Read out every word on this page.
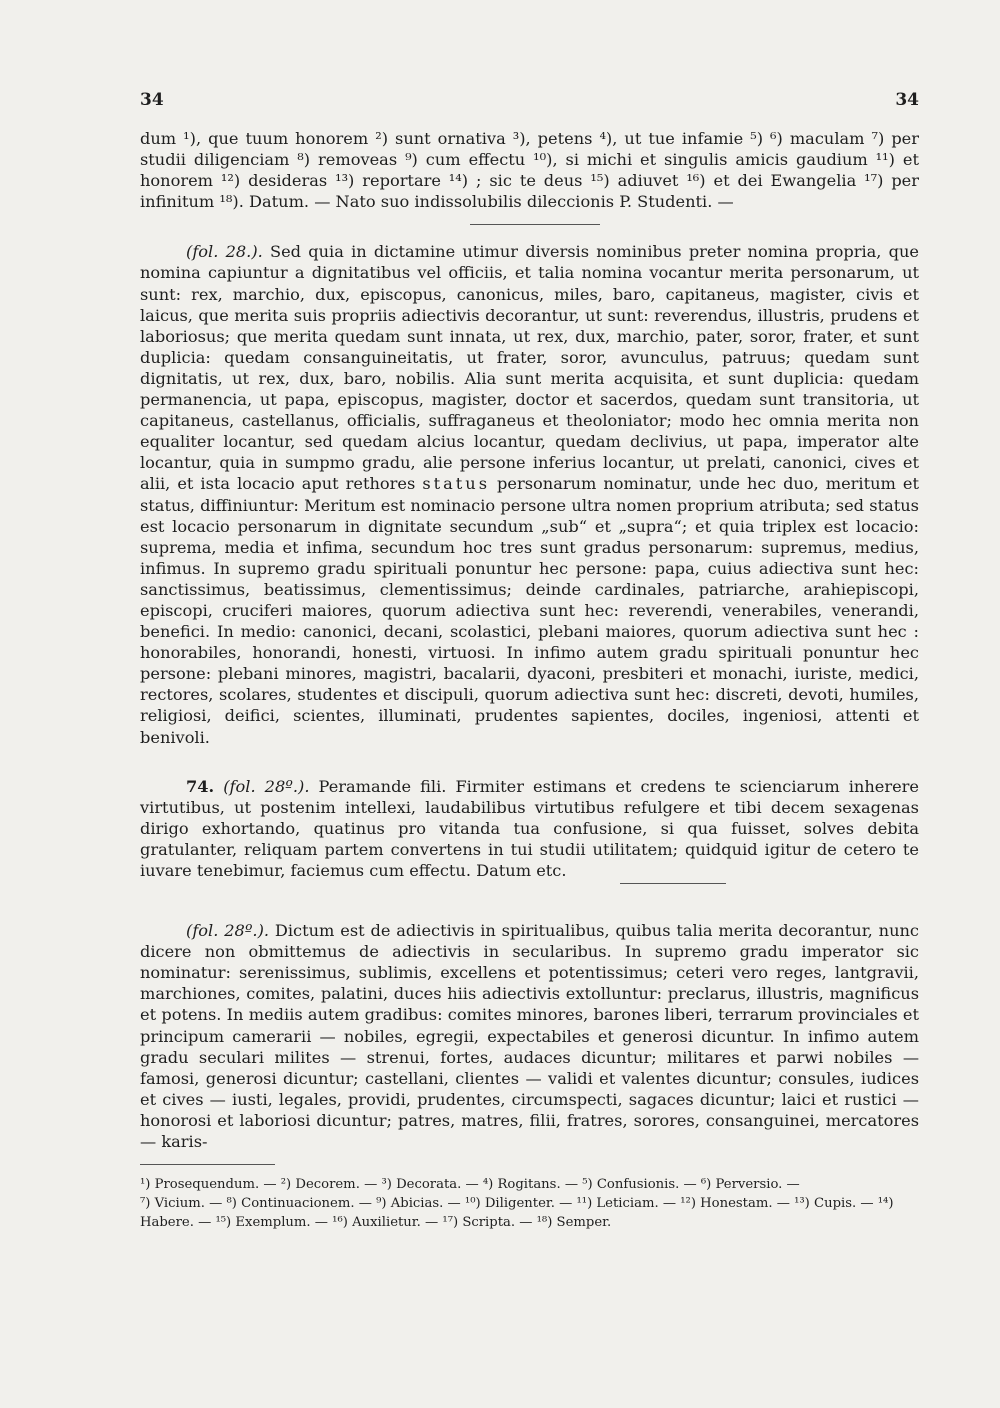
34	34

dum ¹), que tuum honorem ²) sunt ornativa ³), petens ⁴), ut tue infamie ⁵) ⁶) maculam ⁷) per studii diligenciam ⁸) removeas ⁹) cum effectu ¹⁰), si michi et singulis amicis gaudium ¹¹) et honorem ¹²) desideras ¹³) reportare ¹⁴) ; sic te deus ¹⁵) adiuvet ¹⁶) et dei Ewangelia ¹⁷) per infinitum ¹⁸). Datum. — Nato suo indissolubilis dileccionis P. Studenti. —

(fol. 28.). Sed quia in dictamine utimur diversis nominibus preter nomina propria, que nomina capiuntur a dignitatibus vel officiis, et talia nomina vocantur merita personarum, ut sunt: rex, marchio, dux, episcopus, canonicus, miles, baro, capitaneus, magister, civis et laicus, que merita suis propriis adiectivis decorantur, ut sunt: reverendus, illustris, prudens et laboriosus; que merita quedam sunt innata, ut rex, dux, marchio, pater, soror, frater, et sunt duplicia: quedam consanguineitatis, ut frater, soror, avunculus, patruus; quedam sunt dignitatis, ut rex, dux, baro, nobilis. Alia sunt merita acquisita, et sunt duplicia: quedam permanencia, ut papa, episcopus, magister, doctor et sacerdos, quedam sunt transitoria, ut capitaneus, castellanus, officialis, suffraganeus et theoloniator; modo hec omnia merita non equaliter locantur, sed quedam alcius locantur, quedam declivius, ut papa, imperator alte locantur, quia in sumpmo gradu, alie persone inferius locantur, ut prelati, canonici, cives et alii, et ista locacio aput rethores status personarum nominatur, unde hec duo, meritum et status, diffiniuntur: Meritum est nominacio persone ultra nomen proprium atributa; sed status est locacio personarum in dignitate secundum „sub“ et „supra“; et quia triplex est locacio: suprema, media et infima, secundum hoc tres sunt gradus personarum: supremus, medius, infimus. In supremo gradu spirituali ponuntur hec persone: papa, cuius adiectiva sunt hec: sanctissimus, beatissimus, clementissimus; deinde cardinales, patriarche, arahiepiscopi, episcopi, cruciferi maiores, quorum adiectiva sunt hec: reverendi, venerabiles, venerandi, benefici. In medio: canonici, decani, scolastici, plebani maiores, quorum adiectiva sunt hec : honorabiles, honorandi, honesti, virtuosi. In infimo autem gradu spirituali ponuntur hec persone: plebani minores, magistri, bacalarii, dyaconi, presbiteri et monachi, iuriste, medici, rectores, scolares, studentes et discipuli, quorum adiectiva sunt hec: discreti, devoti, humiles, religiosi, deifici, scientes, illuminati, prudentes sapientes, dociles, ingeniosi, attenti et benivoli.

74. (fol. 28º.). Peramande fili. Firmiter estimans et credens te scienciarum inherere virtutibus, ut postenim intellexi, laudabilibus virtutibus refulgere et tibi decem sexagenas dirigo exhortando, quatinus pro vitanda tua confusione, si qua fuisset, solves debita gratulanter, reliquam partem convertens in tui studii utilitatem; quidquid igitur de cetero te iuvare tenebimur, faciemus cum effectu. Datum etc.

(fol. 28º.). Dictum est de adiectivis in spiritualibus, quibus talia merita decorantur, nunc dicere non obmittemus de adiectivis in secularibus. In supremo gradu imperator sic nominatur: serenissimus, sublimis, excellens et potentissimus; ceteri vero reges, lantgravii, marchiones, comites, palatini, duces hiis adiectivis extolluntur: preclarus, illustris, magnificus et potens. In mediis autem gradibus: comites minores, barones liberi, terrarum provinciales et principum camerarii — nobiles, egregii, expectabiles et generosi dicuntur. In infimo autem gradu seculari milites — strenui, fortes, audaces dicuntur; militares et parwi nobiles — famosi, generosi dicuntur; castellani, clientes — validi et valentes dicuntur; consules, iudices et cives — iusti, legales, providi, prudentes, circumspecti, sagaces dicuntur; laici et rustici — honorosi et laboriosi dicuntur; patres, matres, filii, fratres, sorores, consanguinei, mercatores — karis-

¹) Prosequendum. — ²) Decorem. — ³) Decorata. — ⁴) Rogitans. — ⁵) Confusionis. — ⁶) Perversio. —

⁷) Vicium. — ⁸) Continuacionem. — ⁹) Abicias. — ¹⁰) Diligenter. — ¹¹) Leticiam. — ¹²) Honestam. — ¹³) Cupis. — ¹⁴) Habere. — ¹⁵) Exemplum. — ¹⁶) Auxilietur. — ¹⁷) Scripta. — ¹⁸) Semper.
